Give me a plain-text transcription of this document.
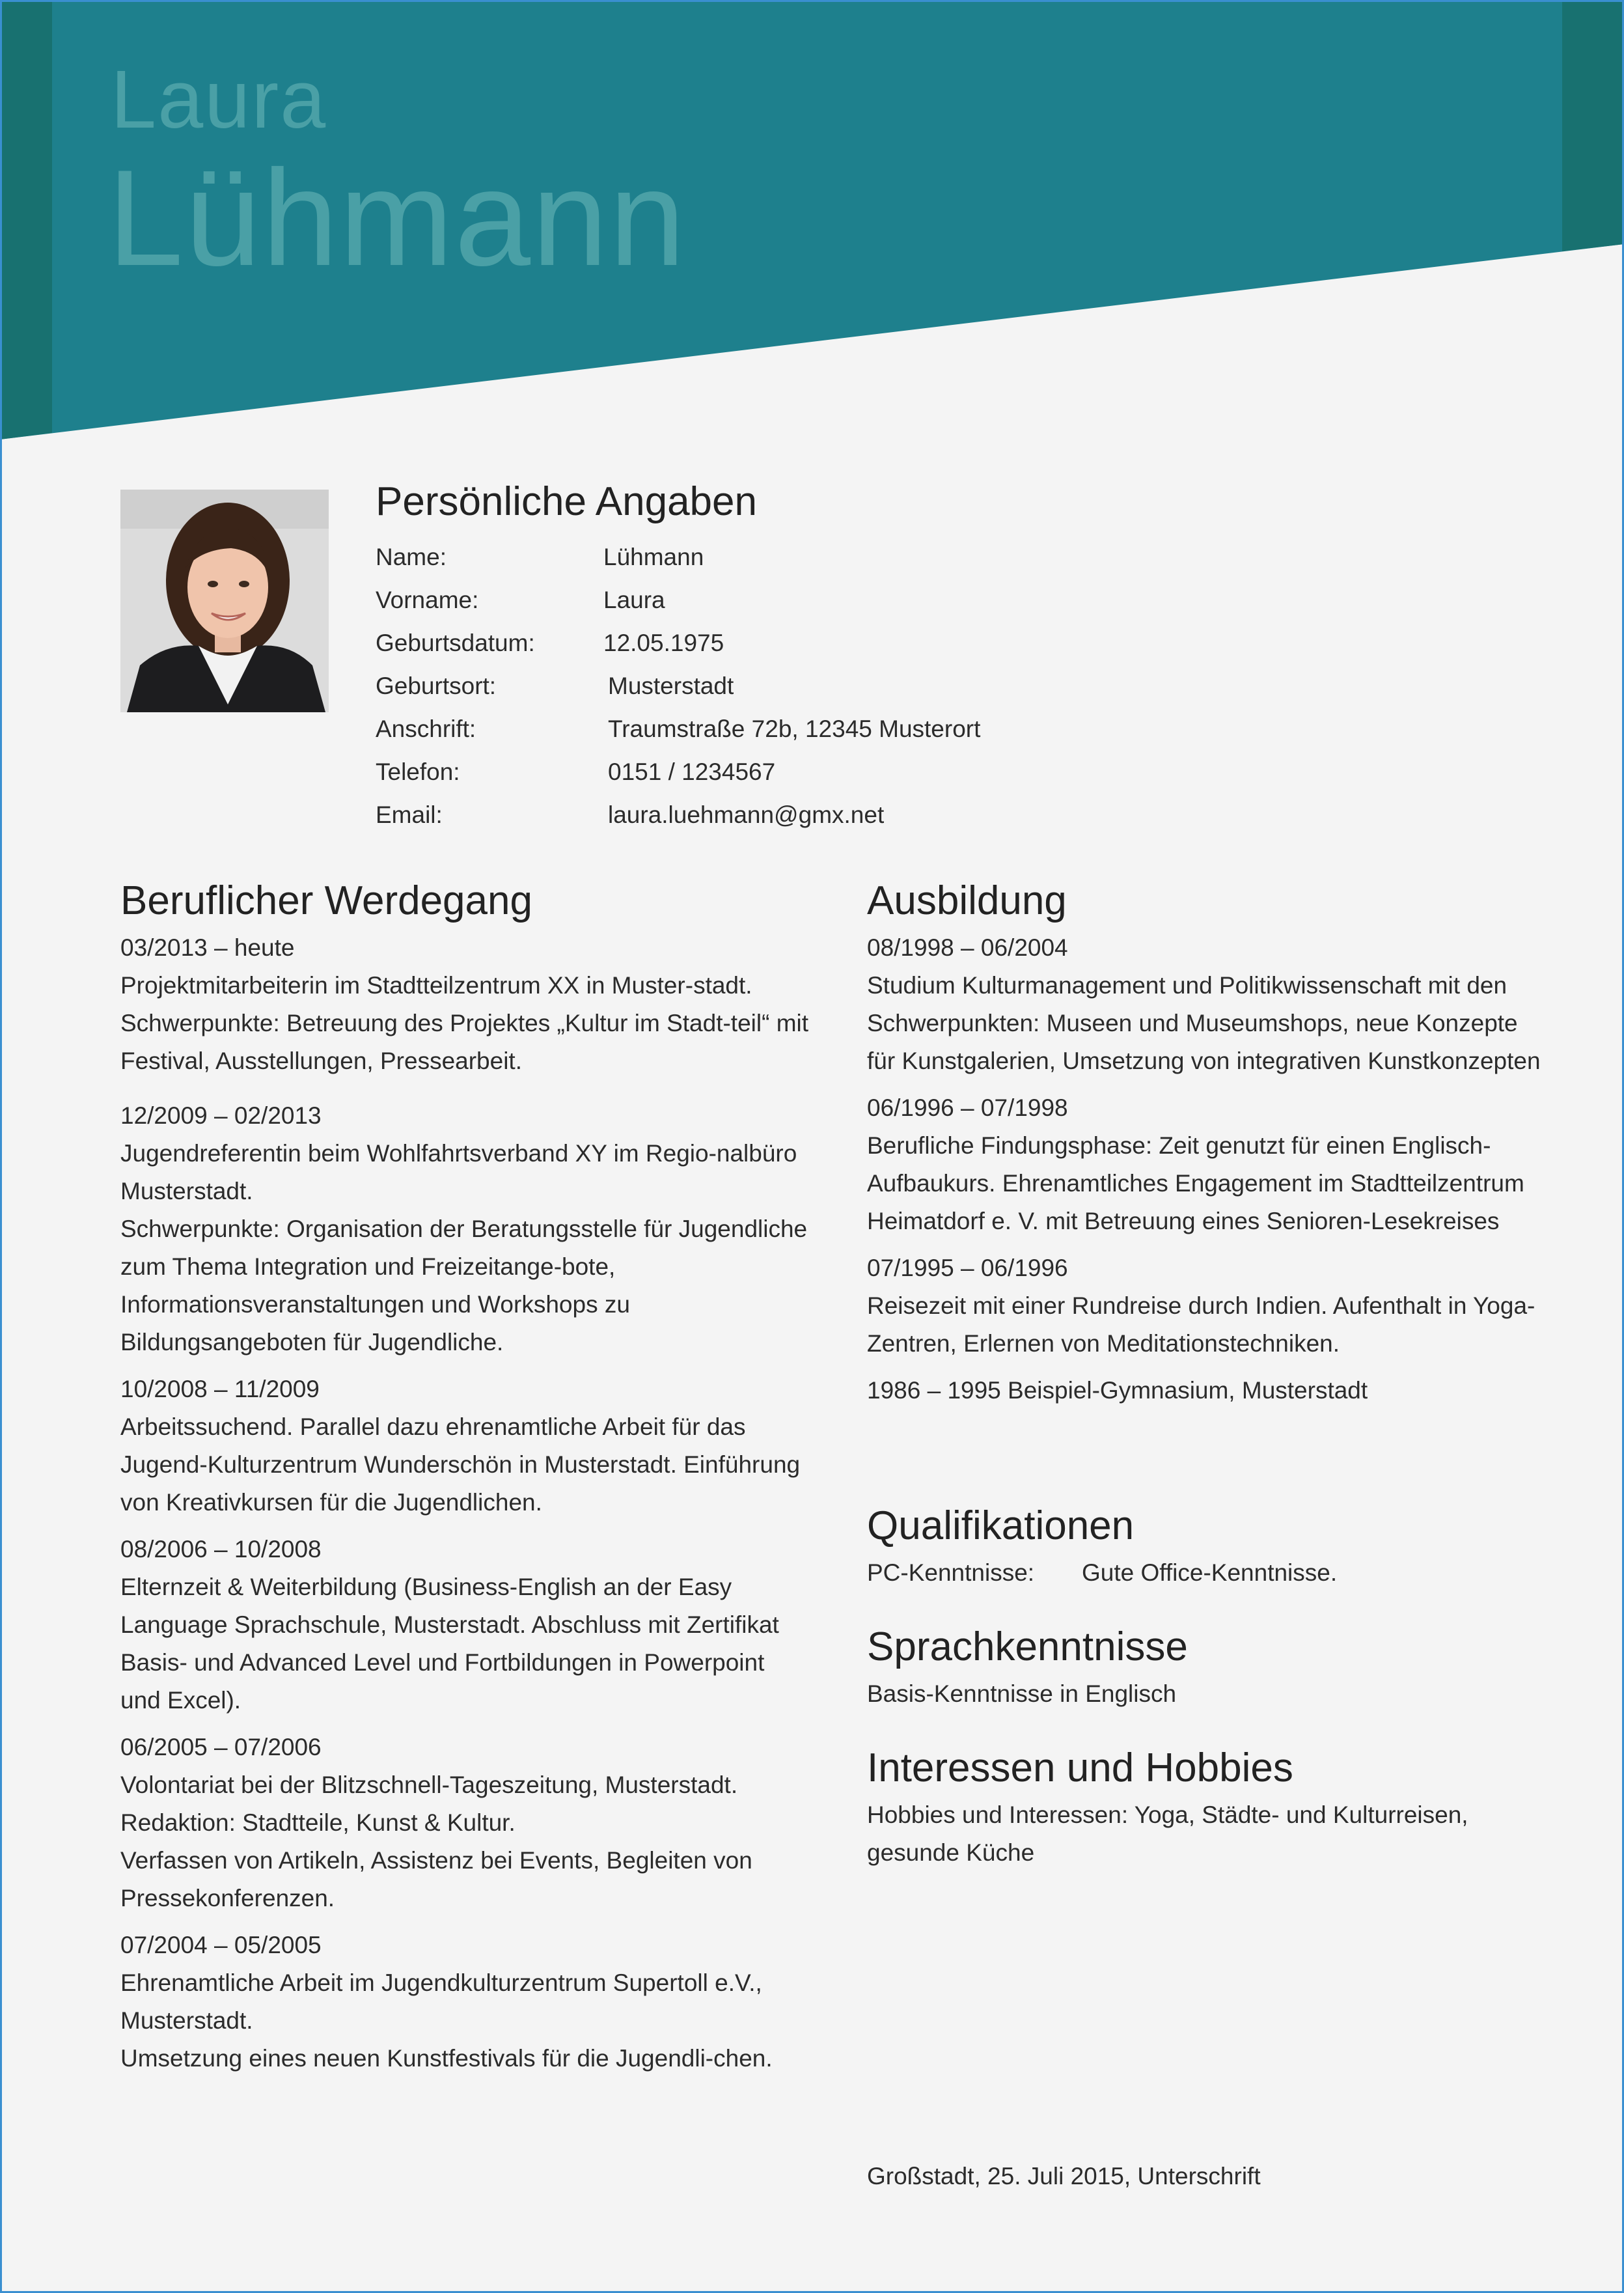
Laura
Lühmann
Persönliche Angaben
Name:	Lühmann
Vorname:	Laura
Geburtsdatum:	12.05.1975
Geburtsort:	Musterstadt
Anschrift:	Traumstraße 72b, 12345 Musterort
Telefon:	0151 / 1234567
Email:	laura.luehmann@gmx.net
Beruflicher Werdegang

03/2013 – heute

Projektmitarbeiterin im Stadtteilzentrum XX in Muster-stadt.

Schwerpunkte: Betreuung des Projektes „Kultur im Stadt-teil“ mit Festival, Ausstellungen, Pressearbeit.

12/2009 – 02/2013

Jugendreferentin beim Wohlfahrtsverband XY im Regio-nalbüro Musterstadt.

Schwerpunkte: Organisation der Beratungsstelle für Jugendliche zum Thema Integration und Freizeitange-bote, Informationsveranstaltungen und Workshops zu Bildungsangeboten für Jugendliche.

10/2008 – 11/2009

Arbeitssuchend. Parallel dazu ehrenamtliche Arbeit für das Jugend-Kulturzentrum Wunderschön in Musterstadt. Einführung von Kreativkursen für die Jugendlichen.

08/2006 – 10/2008

Elternzeit & Weiterbildung (Business-English an der Easy Language Sprachschule, Musterstadt. Abschluss mit Zertifikat Basis- und Advanced Level und Fortbildungen in Powerpoint und Excel).

06/2005 – 07/2006

Volontariat bei der Blitzschnell-Tageszeitung, Musterstadt. Redaktion: Stadtteile, Kunst & Kultur.

Verfassen von Artikeln, Assistenz bei Events, Begleiten von Pressekonferenzen.

07/2004 – 05/2005

Ehrenamtliche Arbeit im Jugendkulturzentrum Supertoll e.V., Musterstadt.

Umsetzung eines neuen Kunstfestivals für die Jugendli-chen.

Ausbildung

08/1998 – 06/2004

Studium Kulturmanagement und Politikwissenschaft mit den Schwerpunkten: Museen und Museumshops, neue Konzepte für Kunstgalerien, Umsetzung von integrativen Kunstkonzepten

06/1996 – 07/1998

Berufliche Findungsphase: Zeit genutzt für einen Englisch-Aufbaukurs. Ehrenamtliches Engagement im Stadtteilzentrum Heimatdorf e. V. mit Betreuung eines Senioren-Lesekreises

07/1995 – 06/1996

Reisezeit mit einer Rundreise durch Indien. Aufenthalt in Yoga-Zentren, Erlernen von Meditationstechniken.

1986 – 1995 Beispiel-Gymnasium, Musterstadt

Qualifikationen

PC-Kenntnisse: Gute Office-Kenntnisse.

Sprachkenntnisse

Basis-Kenntnisse in Englisch

Interessen und Hobbies

Hobbies und Interessen: Yoga, Städte- und Kulturreisen, gesunde Küche

Großstadt, 25. Juli 2015, Unterschrift
